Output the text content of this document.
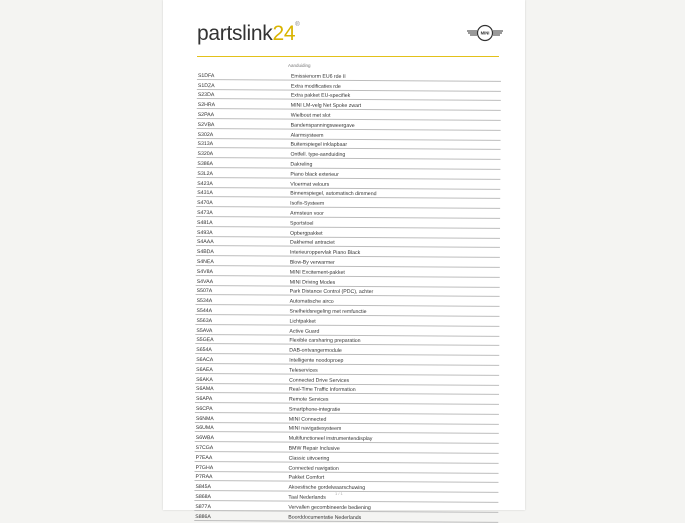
partslink24®
MINI
Aanduiding
S1DFA	Emissienorm EU6 rde II
S1DZA	Extra modificaties rde
S23DA	Extra pakket EU-specifiek
S2HRA	MINI LM-velg Net Spoke zwart
S2PAA	Wielbout met slot
S2VBA	Bandenspanningsweergave
S302A	Alarmsysteem
S313A	Buitenspiegel inklapbaar
S320A	Ontfell. type-aanduiding
S386A	Dakreling
S3L2A	Piano black exterieur
S423A	Vloermat velours
S431A	Binnenspiegel, automatisch dimmend
S470A	Isofix-Systeem
S473A	Armsteun voor
S481A	Sportstoel
S493A	Opbergpakket
S4AAA	Dakhemel antraciet
S4BDA	Interieuroppervlak Piano Black
S4NEA	Blow-By verwarmer
S4V8A	MINI Excitement-pakket
S4VAA	MINI Driving Modes
S507A	Park Distance Control (PDC), achter
S534A	Automatische airco
S544A	Snelheidsregeling met remfunctie
S563A	Lichtpakket
S5AVA	Active Guard
S5GEA	Flexible carsharing preparation
S654A	DAB-ontvangermodule
S6ACA	Intelligente noodoproep
S6AEA	Teleservices
S6AKA	Connected Drive Services
S6AMA	Real-Time Traffic Information
S6APA	Remote Services
S6CPA	Smartphone-integratie
S6NMA	MINI Connected
S6UMA	MINI navigatiesysteem
S6WBA	Multifunctioneel instrumentendisplay
S7CGA	BMW Repair Inclusive
P7EAA	Classic uitvoering
P7GHA	Connected navigation
P7RAA	Pakket Comfort
S845A	Akoestische gordelwaarschuwing
S868A	Taal Nederlands
S877A	Vervallen gecombineerde bediening
S886A	Boorddocumentatie Nederlands
1 / 1
